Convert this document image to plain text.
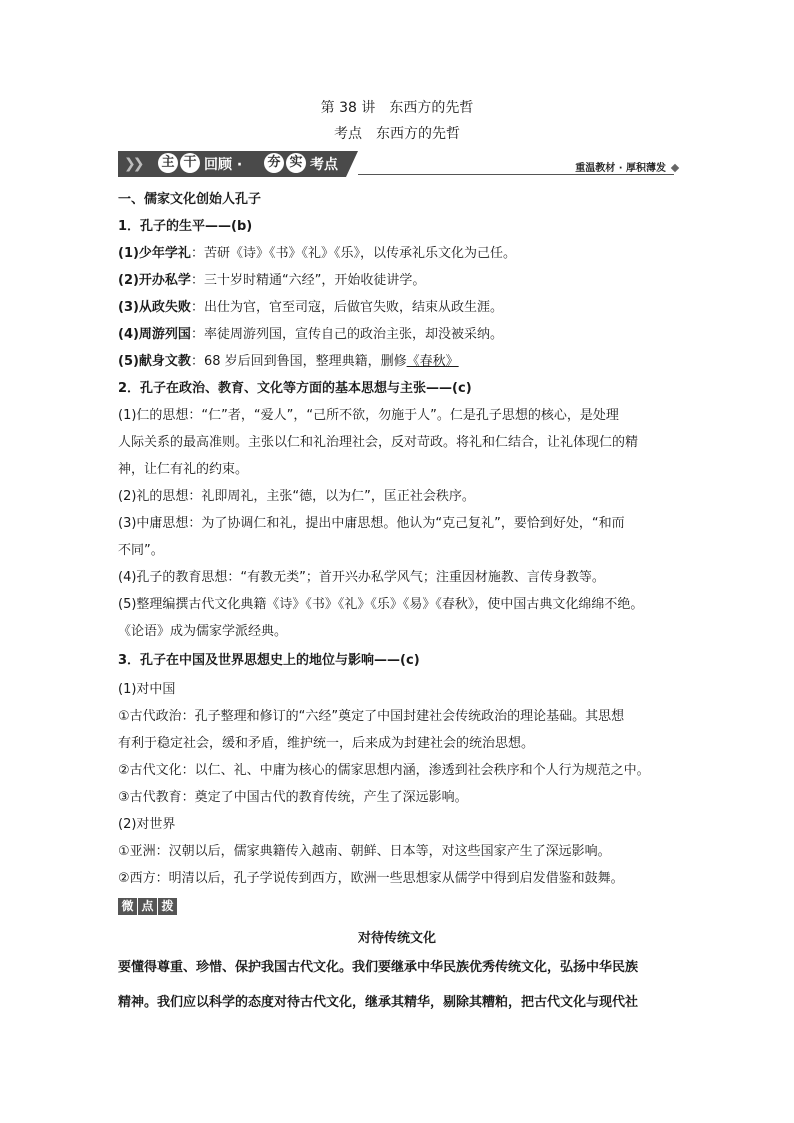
第 38 讲　东西方的先哲
考点　东西方的先哲
❯❯ 主 干 回顾 · 夯 实 考点	重温教材 · 厚积薄发
一、儒家文化创始人孔子
1．孔子的生平——(b)
(1)少年学礼：苦研《诗》《书》《礼》《乐》，以传承礼乐文化为己任。
(2)开办私学：三十岁时精通“六经”，开始收徒讲学。
(3)从政失败：出仕为官，官至司寇，后做官失败，结束从政生涯。
(4)周游列国：率徒周游列国，宣传自己的政治主张，却没被采纳。
(5)献身文教：68 岁后回到鲁国，整理典籍，删修《春秋》
2．孔子在政治、教育、文化等方面的基本思想与主张——(c)
(1)仁的思想：“仁”者，“爱人”，“己所不欲，勿施于人”。仁是孔子思想的核心，是处理
人际关系的最高准则。主张以仁和礼治理社会，反对苛政。将礼和仁结合，让礼体现仁的精
神，让仁有礼的约束。
(2)礼的思想：礼即周礼，主张“德，以为仁”，匡正社会秩序。
(3)中庸思想：为了协调仁和礼，提出中庸思想。他认为“克己复礼”，要恰到好处，“和而
不同”。
(4)孔子的教育思想：“有教无类”；首开兴办私学风气；注重因材施教、言传身教等。
(5)整理编撰古代文化典籍《诗》《书》《礼》《乐》《易》《春秋》，使中国古典文化绵绵不绝。
《论语》成为儒家学派经典。
3．孔子在中国及世界思想史上的地位与影响——(c)
(1)对中国
①古代政治：孔子整理和修订的“六经”奠定了中国封建社会传统政治的理论基础。其思想
有利于稳定社会，缓和矛盾，维护统一，后来成为封建社会的统治思想。
②古代文化：以仁、礼、中庸为核心的儒家思想内涵，渗透到社会秩序和个人行为规范之中。
③古代教育：奠定了中国古代的教育传统，产生了深远影响。
(2)对世界
①亚洲：汉朝以后，儒家典籍传入越南、朝鲜、日本等，对这些国家产生了深远影响。
②西方：明清以后，孔子学说传到西方，欧洲一些思想家从儒学中得到启发借鉴和鼓舞。
微 点 拨
对待传统文化
要懂得尊重、珍惜、保护我国古代文化。我们要继承中华民族优秀传统文化，弘扬中华民族
精神。我们应以科学的态度对待古代文化，继承其精华，剔除其糟粕，把古代文化与现代社
